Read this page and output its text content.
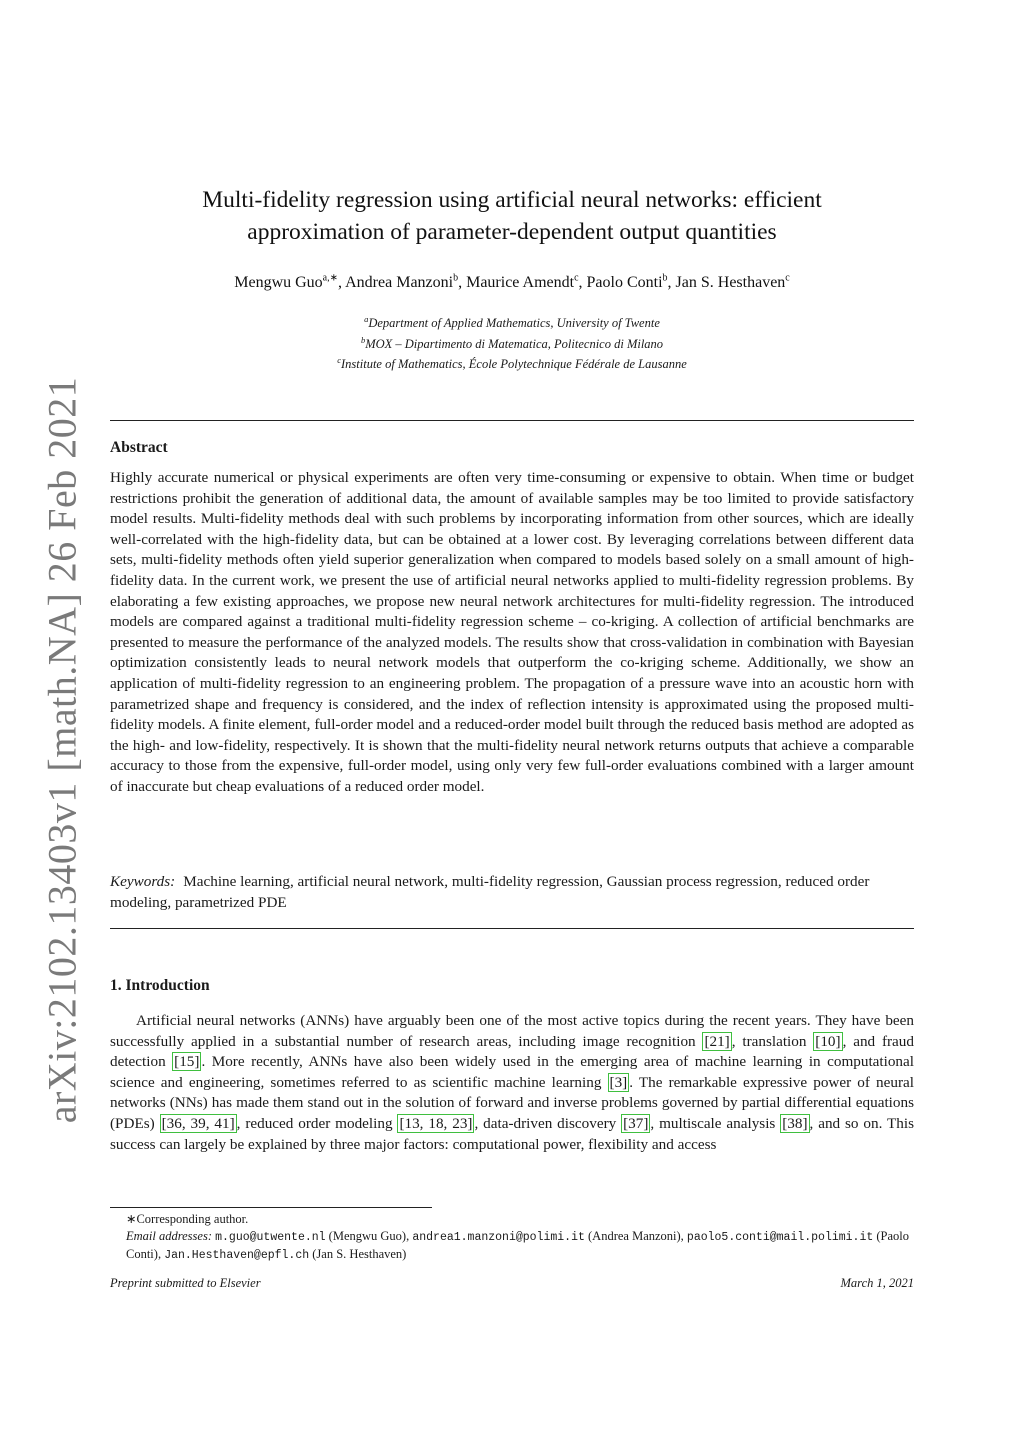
arXiv:2102.13403v1 [math.NA] 26 Feb 2021
Multi-fidelity regression using artificial neural networks: efficient
approximation of parameter-dependent output quantities
Mengwu Guo$^{a,∗}$, Andrea Manzoni$^b$, Maurice Amendt$^c$, Paolo Conti$^b$, Jan S. Hesthaven$^c$
$^a$Department of Applied Mathematics, University of Twente
$^b$MOX – Dipartimento di Matematica, Politecnico di Milano
$^c$Institute of Mathematics, École Polytechnique Fédérale de Lausanne
Abstract
Highly accurate numerical or physical experiments are often very time-consuming or expensive to obtain. When time or budget restrictions prohibit the generation of additional data, the amount of available samples may be too limited to provide satisfactory model results. Multi-fidelity methods deal with such problems by incorporating information from other sources, which are ideally well-correlated with the high-fidelity data, but can be obtained at a lower cost. By leveraging correlations between different data sets, multi-fidelity methods often yield superior generalization when compared to models based solely on a small amount of high-fidelity data. In the current work, we present the use of artificial neural networks applied to multi-fidelity regression problems. By elaborating a few existing approaches, we propose new neural network architectures for multi-fidelity regression. The introduced models are compared against a traditional multi-fidelity regression scheme – co-kriging. A collection of artificial benchmarks are presented to measure the performance of the analyzed models. The results show that cross-validation in combination with Bayesian optimization consistently leads to neural network models that outperform the co-kriging scheme. Additionally, we show an application of multi-fidelity regression to an engineering problem. The propagation of a pressure wave into an acoustic horn with parametrized shape and frequency is considered, and the index of reflection intensity is approximated using the proposed multi-fidelity models. A finite element, full-order model and a reduced-order model built through the reduced basis method are adopted as the high- and low-fidelity, respectively. It is shown that the multi-fidelity neural network returns outputs that achieve a comparable accuracy to those from the expensive, full-order model, using only very few full-order evaluations combined with a larger amount of inaccurate but cheap evaluations of a reduced order model.
Keywords: Machine learning, artificial neural network, multi-fidelity regression, Gaussian process regression, reduced order modeling, parametrized PDE
1. Introduction
Artificial neural networks (ANNs) have arguably been one of the most active topics during the recent years. They have been successfully applied in a substantial number of research areas, including image recognition [21] , translation [10] , and fraud detection [15] . More recently, ANNs have also been widely used in the emerging area of machine learning in computational science and engineering, sometimes referred to as scientific machine learning [3] . The remarkable expressive power of neural networks (NNs) has made them stand out in the solution of forward and inverse problems governed by partial differential equations (PDEs) [36, 39, 41] , reduced order modeling [13, 18, 23] , data-driven discovery [37] , multiscale analysis [38] , and so on. This success can largely be explained by three major factors: computational power, flexibility and access
∗Corresponding author.
Email addresses: m.guo@utwente.nl (Mengwu Guo), andrea1.manzoni@polimi.it (Andrea Manzoni), paolo5.conti@mail.polimi.it (Paolo Conti), Jan.Hesthaven@epfl.ch (Jan S. Hesthaven)
Preprint submitted to Elsevier	March 1, 2021
